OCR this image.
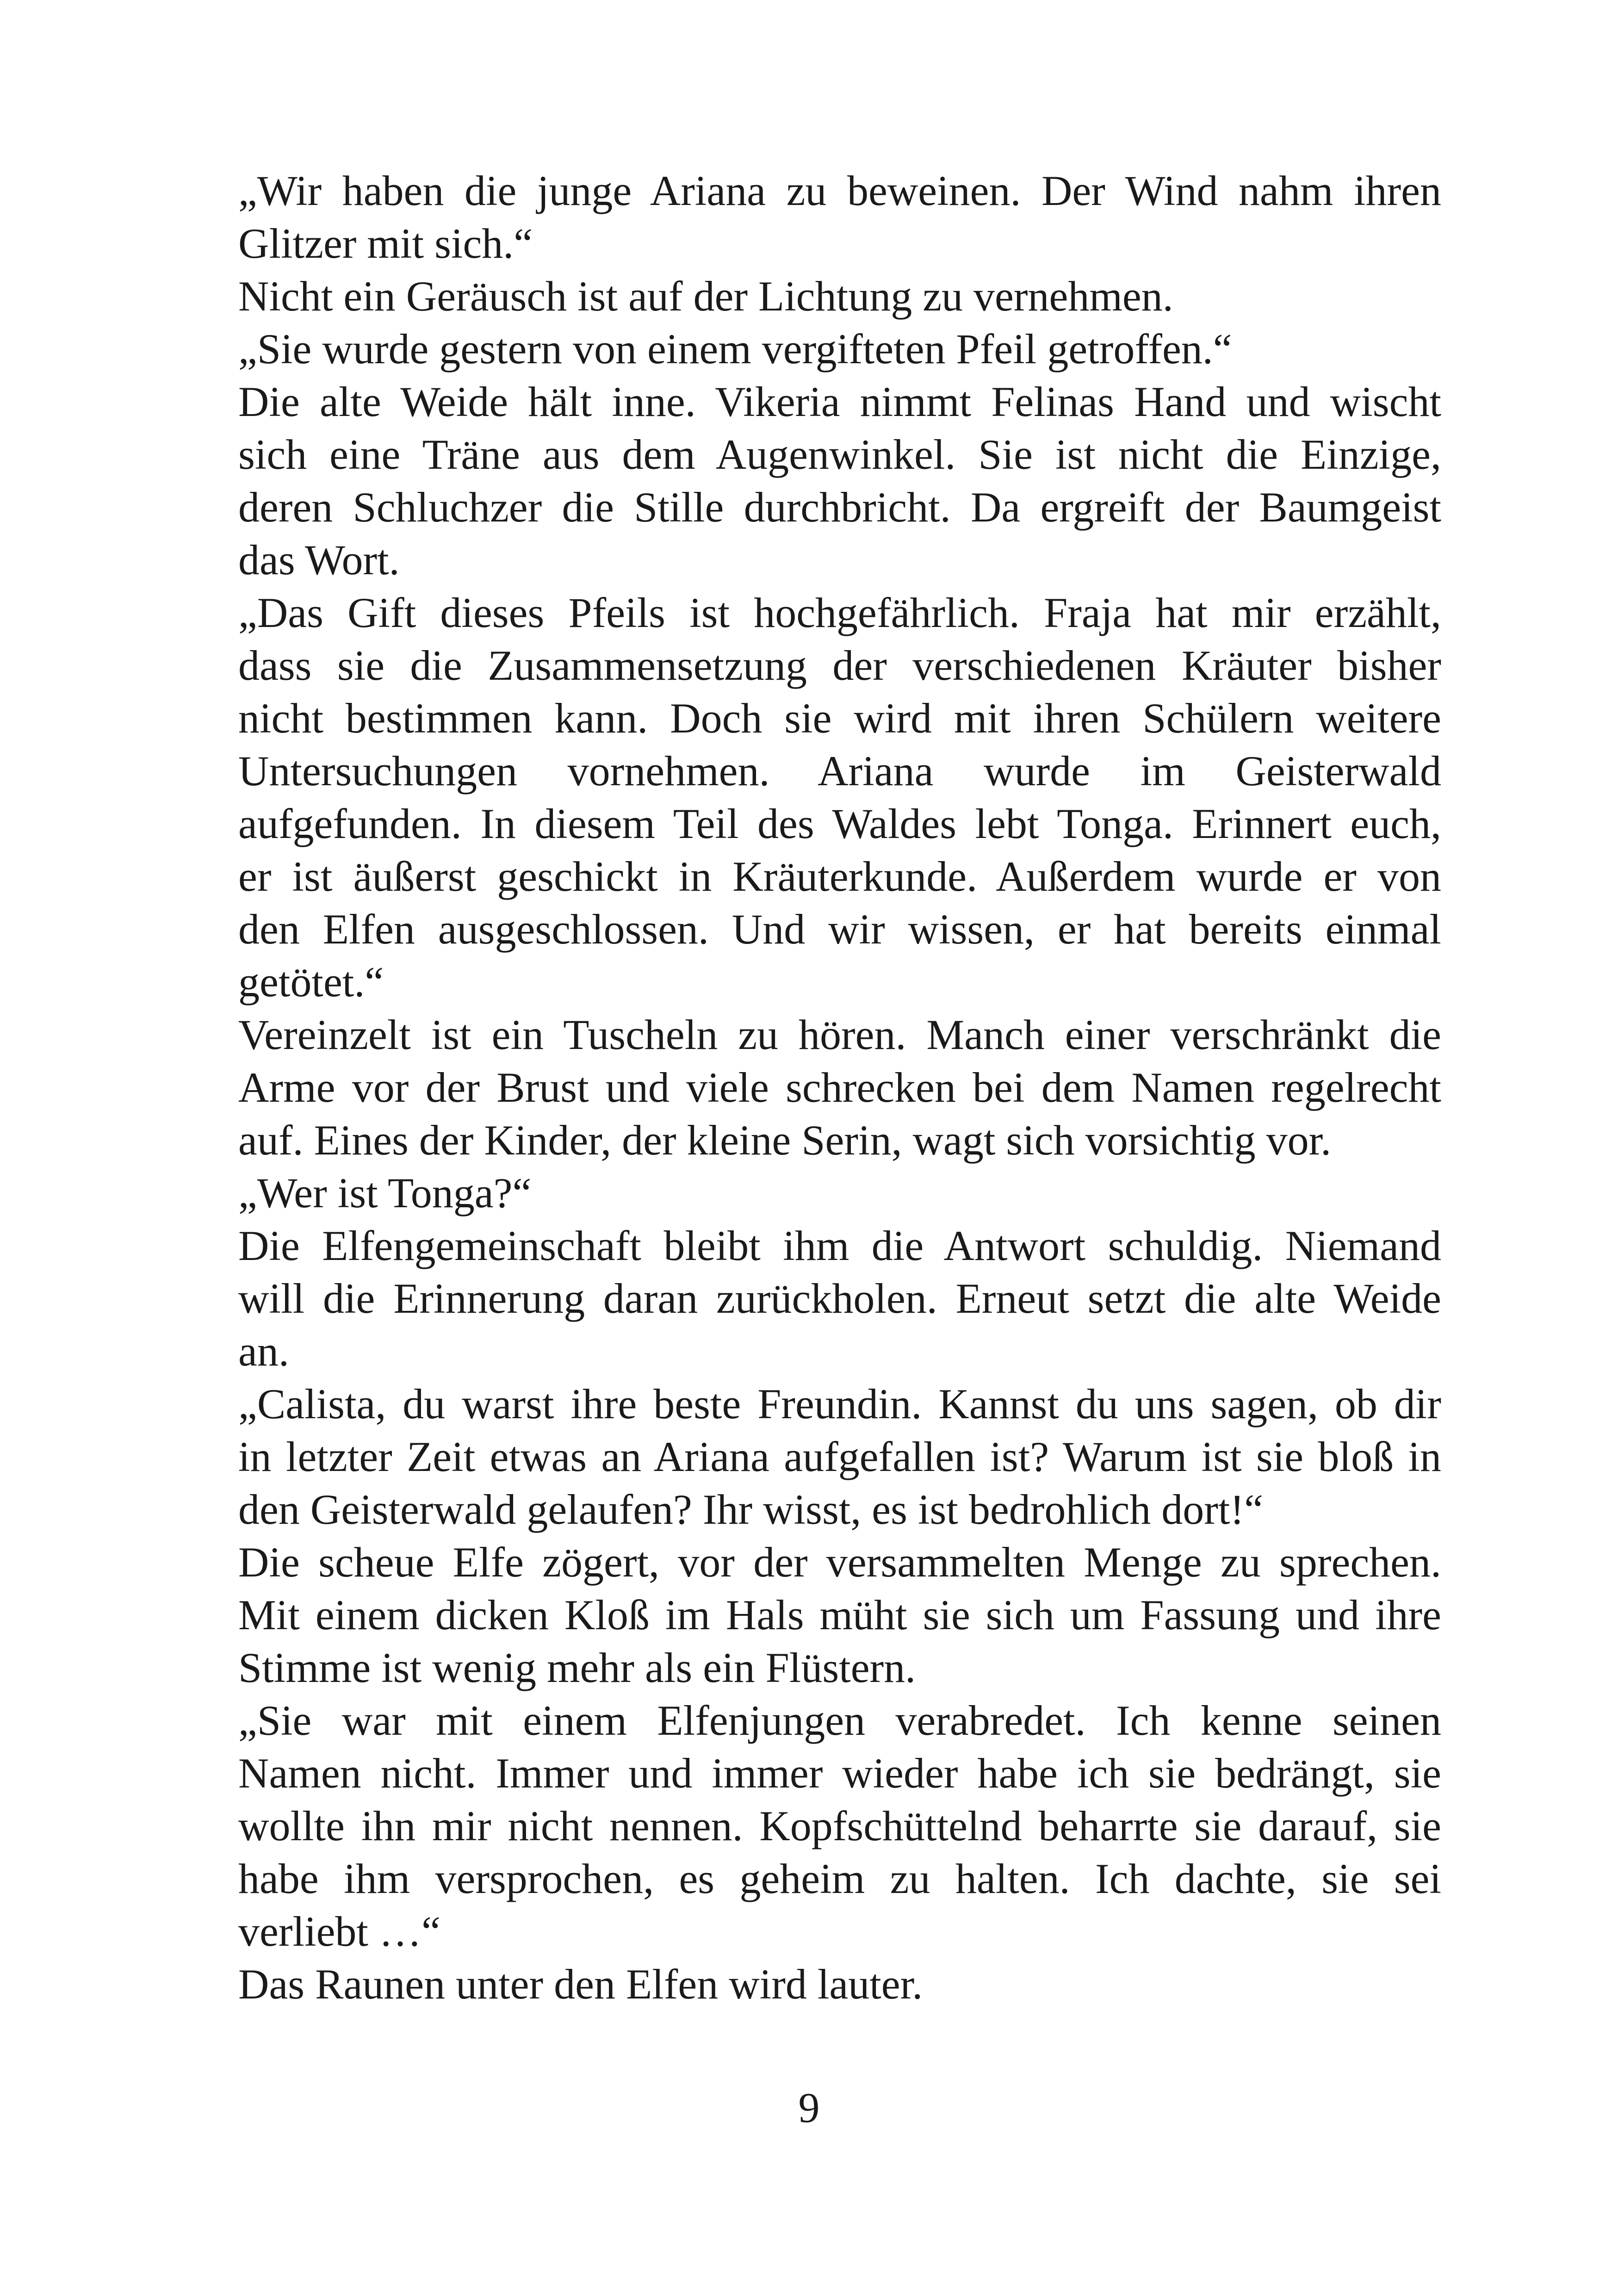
„Wir haben die junge Ariana zu beweinen. Der Wind nahm ihren
Glitzer mit sich.“
Nicht ein Geräusch ist auf der Lichtung zu vernehmen.
„Sie wurde gestern von einem vergifteten Pfeil getroffen.“
Die alte Weide hält inne. Vikeria nimmt Felinas Hand und wischt
sich eine Träne aus dem Augenwinkel. Sie ist nicht die Einzige,
deren Schluchzer die Stille durchbricht. Da ergreift der Baumgeist
das Wort.
„Das Gift dieses Pfeils ist hochgefährlich. Fraja hat mir erzählt,
dass sie die Zusammensetzung der verschiedenen Kräuter bisher
nicht bestimmen kann. Doch sie wird mit ihren Schülern weitere
Untersuchungen vornehmen. Ariana wurde im Geisterwald
aufgefunden. In diesem Teil des Waldes lebt Tonga. Erinnert euch,
er ist äußerst geschickt in Kräuterkunde. Außerdem wurde er von
den Elfen ausgeschlossen. Und wir wissen, er hat bereits einmal
getötet.“
Vereinzelt ist ein Tuscheln zu hören. Manch einer verschränkt die
Arme vor der Brust und viele schrecken bei dem Namen regelrecht
auf. Eines der Kinder, der kleine Serin, wagt sich vorsichtig vor.
„Wer ist Tonga?“
Die Elfengemeinschaft bleibt ihm die Antwort schuldig. Niemand
will die Erinnerung daran zurückholen. Erneut setzt die alte Weide
an.
„Calista, du warst ihre beste Freundin. Kannst du uns sagen, ob dir
in letzter Zeit etwas an Ariana aufgefallen ist? Warum ist sie bloß in
den Geisterwald gelaufen? Ihr wisst, es ist bedrohlich dort!“
Die scheue Elfe zögert, vor der versammelten Menge zu sprechen.
Mit einem dicken Kloß im Hals müht sie sich um Fassung und ihre
Stimme ist wenig mehr als ein Flüstern.
„Sie war mit einem Elfenjungen verabredet. Ich kenne seinen
Namen nicht. Immer und immer wieder habe ich sie bedrängt, sie
wollte ihn mir nicht nennen. Kopfschüttelnd beharrte sie darauf, sie
habe ihm versprochen, es geheim zu halten. Ich dachte, sie sei
verliebt …“
Das Raunen unter den Elfen wird lauter.
9
